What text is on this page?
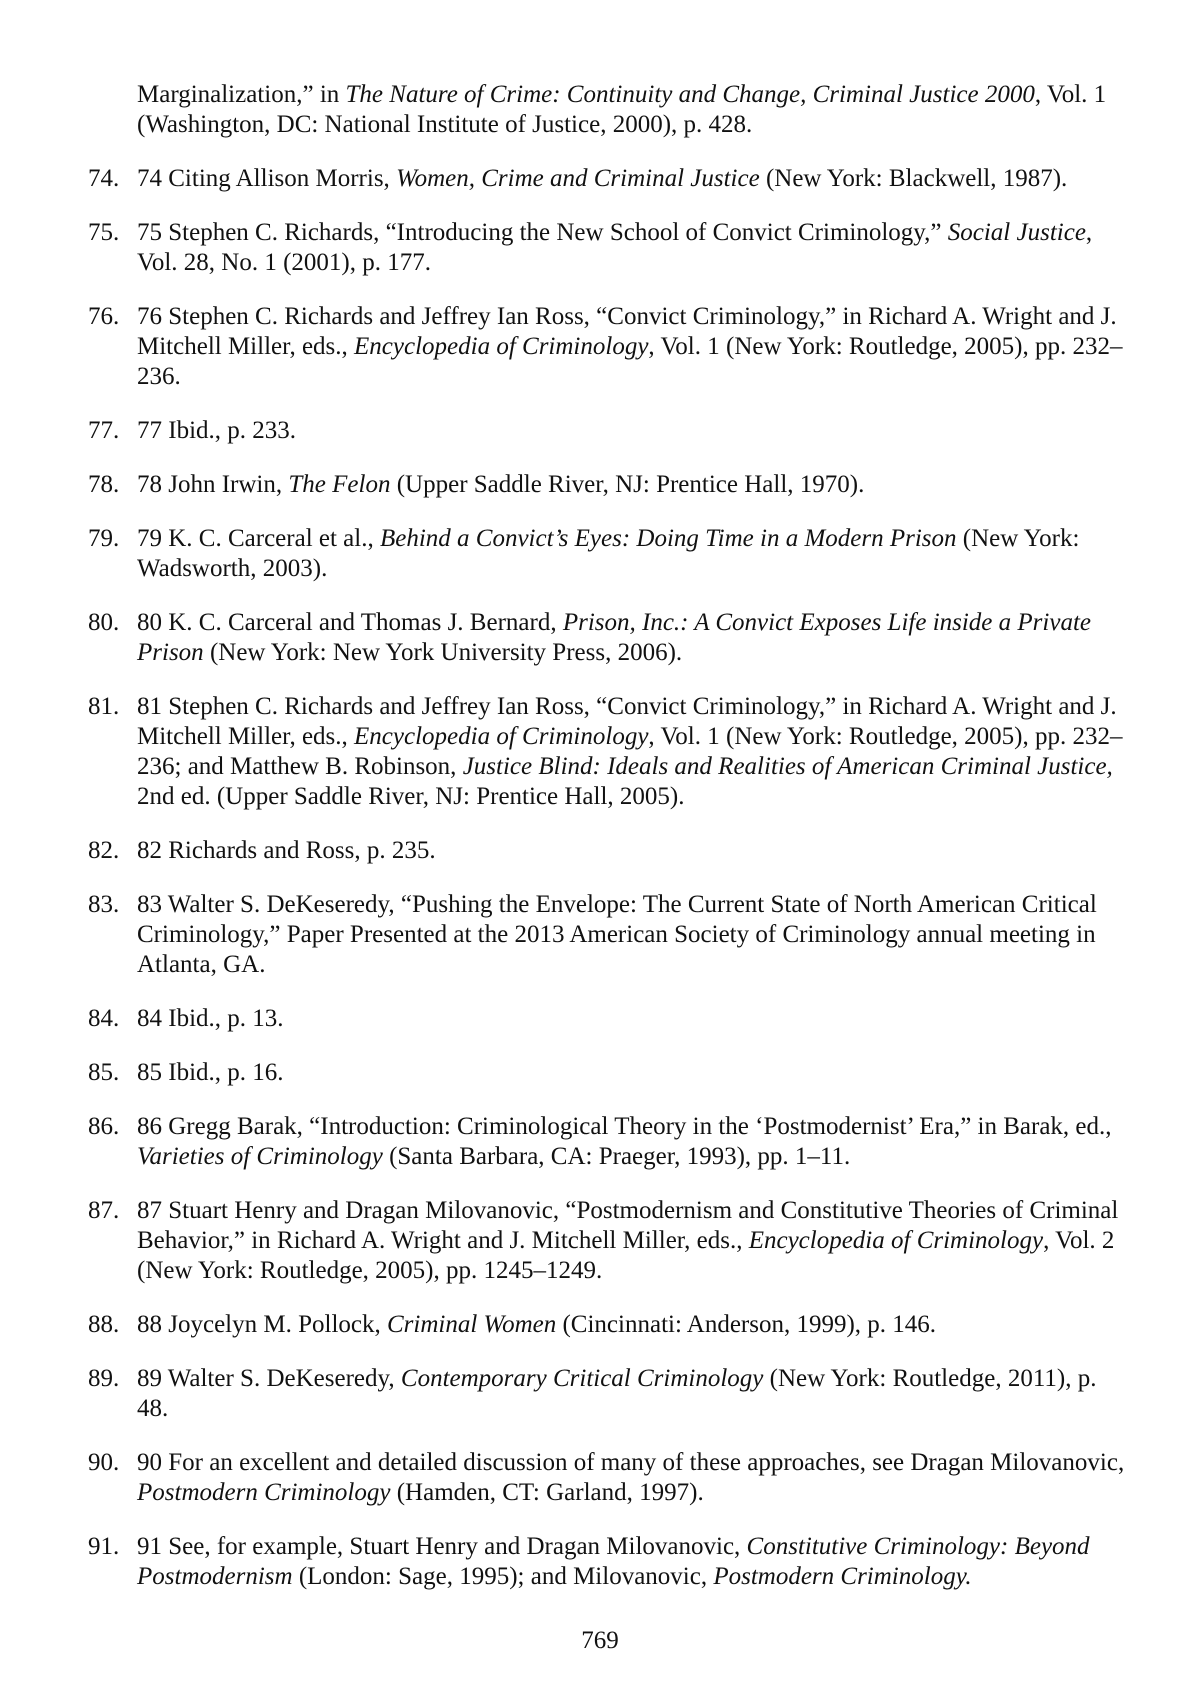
Marginalization,” in The Nature of Crime: Continuity and Change, Criminal Justice 2000, Vol. 1 (Washington, DC: National Institute of Justice, 2000), p. 428.

74. 74 Citing Allison Morris, Women, Crime and Criminal Justice (New York: Blackwell, 1987).
75. 75 Stephen C. Richards, “Introducing the New School of Convict Criminology,” Social Justice, Vol. 28, No. 1 (2001), p. 177.
76. 76 Stephen C. Richards and Jeffrey Ian Ross, “Convict Criminology,” in Richard A. Wright and J. Mitchell Miller, eds., Encyclopedia of Criminology, Vol. 1 (New York: Routledge, 2005), pp. 232–236.
77. 77 Ibid., p. 233.
78. 78 John Irwin, The Felon (Upper Saddle River, NJ: Prentice Hall, 1970).
79. 79 K. C. Carceral et al., Behind a Convict’s Eyes: Doing Time in a Modern Prison (New York: Wadsworth, 2003).
80. 80 K. C. Carceral and Thomas J. Bernard, Prison, Inc.: A Convict Exposes Life inside a Private Prison (New York: New York University Press, 2006).
81. 81 Stephen C. Richards and Jeffrey Ian Ross, “Convict Criminology,” in Richard A. Wright and J. Mitchell Miller, eds., Encyclopedia of Criminology, Vol. 1 (New York: Routledge, 2005), pp. 232–236; and Matthew B. Robinson, Justice Blind: Ideals and Realities of American Criminal Justice, 2nd ed. (Upper Saddle River, NJ: Prentice Hall, 2005).
82. 82 Richards and Ross, p. 235.
83. 83 Walter S. DeKeseredy, “Pushing the Envelope: The Current State of North American Critical Criminology,” Paper Presented at the 2013 American Society of Criminology annual meeting in Atlanta, GA.
84. 84 Ibid., p. 13.
85. 85 Ibid., p. 16.
86. 86 Gregg Barak, “Introduction: Criminological Theory in the ‘Postmodernist’ Era,” in Barak, ed., Varieties of Criminology (Santa Barbara, CA: Praeger, 1993), pp. 1–11.
87. 87 Stuart Henry and Dragan Milovanovic, “Postmodernism and Constitutive Theories of Criminal Behavior,” in Richard A. Wright and J. Mitchell Miller, eds., Encyclopedia of Criminology, Vol. 2 (New York: Routledge, 2005), pp. 1245–1249.
88. 88 Joycelyn M. Pollock, Criminal Women (Cincinnati: Anderson, 1999), p. 146.
89. 89 Walter S. DeKeseredy, Contemporary Critical Criminology (New York: Routledge, 2011), p. 48.
90. 90 For an excellent and detailed discussion of many of these approaches, see Dragan Milovanovic, Postmodern Criminology (Hamden, CT: Garland, 1997).
91. 91 See, for example, Stuart Henry and Dragan Milovanovic, Constitutive Criminology: Beyond Postmodernism (London: Sage, 1995); and Milovanovic, Postmodern Criminology.
769
